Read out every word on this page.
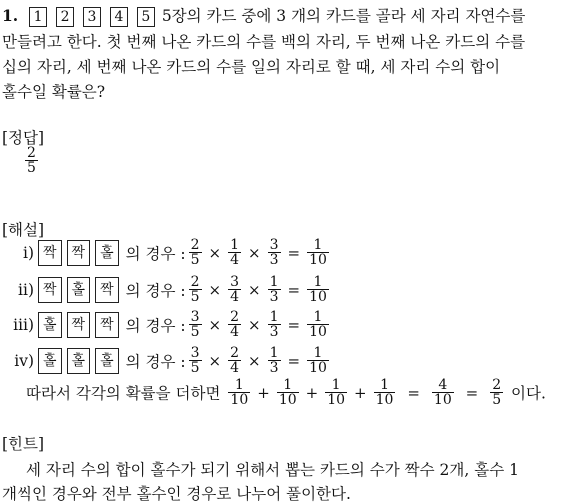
1. 1 2 3 4 5 5장의 카드 중에 3 개의 카드를 골라 세 자리 자연수를
만들려고 한다. 첫 번째 나온 카드의 수를 백의 자리, 두 번째 나온 카드의 수를
십의 자리, 세 번째 나온 카드의 수를 일의 자리로 할 때, 세 자리 수의 합이
홀수일 확률은?
[정답]
$\frac{2}{5}$
[해설]
ⅰ) 짝 짝 홀 의 경우 : $\frac{2}{5} \times \frac{1}{4} \times \frac{3}{3} = \frac{1}{10}$
ⅱ) 짝 홀 짝 의 경우 : $\frac{2}{5} \times \frac{3}{4} \times \frac{1}{3} = \frac{1}{10}$
ⅲ) 홀 짝 짝 의 경우 : $\frac{3}{5} \times \frac{2}{4} \times \frac{1}{3} = \frac{1}{10}$
ⅳ) 홀 홀 홀 의 경우 : $\frac{3}{5} \times \frac{2}{4} \times \frac{1}{3} = \frac{1}{10}$
따라서 각각의 확률을 더하면 $\frac{1}{10} + \frac{1}{10} + \frac{1}{10} + \frac{1}{10} = \frac{4}{10} = \frac{2}{5}$ 이다.
[힌트]
세 자리 수의 합이 홀수가 되기 위해서 뽑는 카드의 수가 짝수 2개, 홀수 1
개씩인 경우와 전부 홀수인 경우로 나누어 풀이한다.
